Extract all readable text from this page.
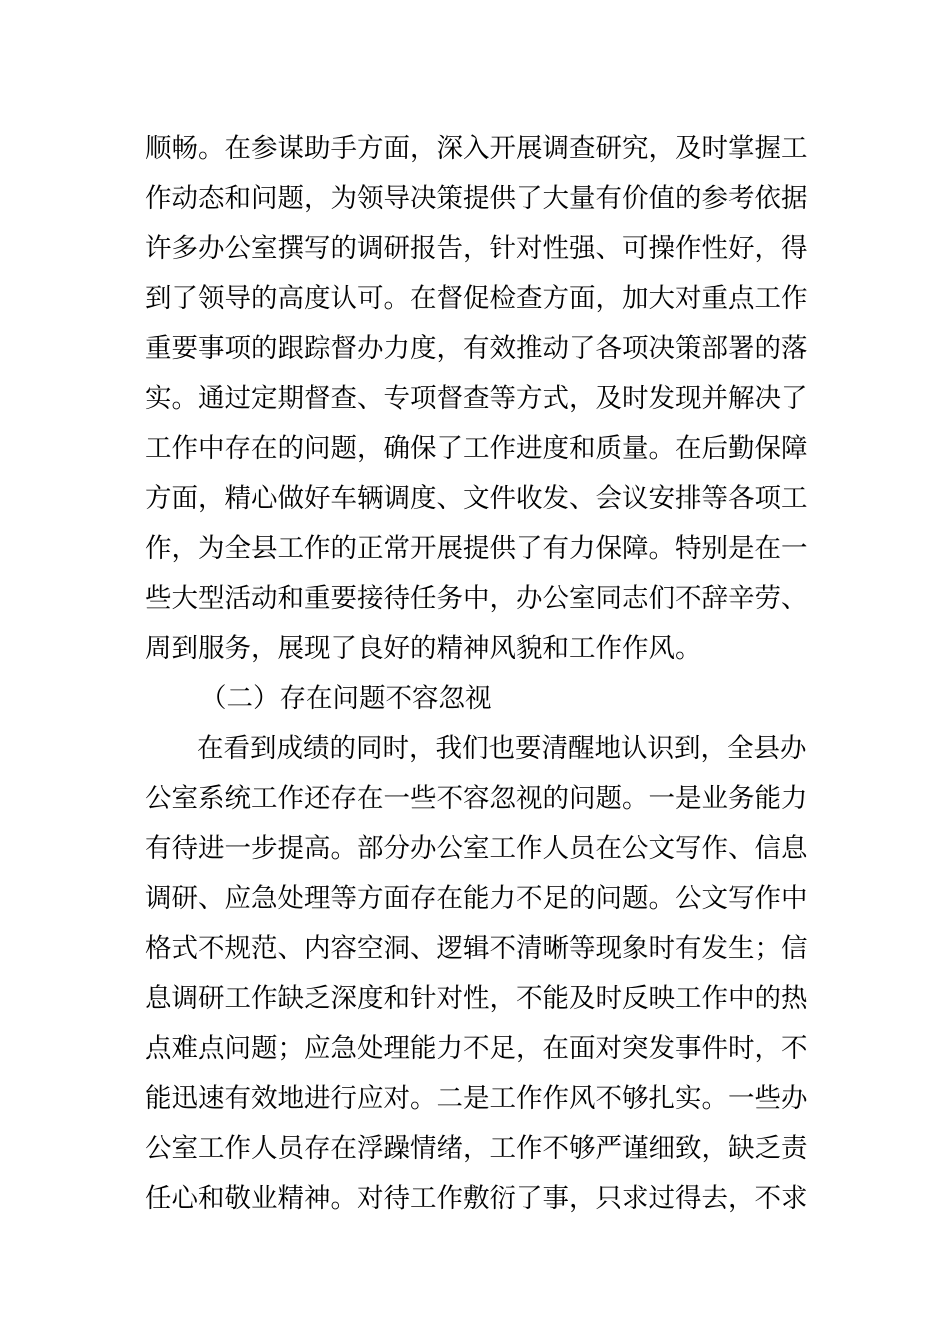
顺畅。在参谋助手方面，深入开展调查研究，及时掌握工
作动态和问题，为领导决策提供了大量有价值的参考依据
许多办公室撰写的调研报告，针对性强、可操作性好，得
到了领导的高度认可。在督促检查方面，加大对重点工作
重要事项的跟踪督办力度，有效推动了各项决策部署的落
实。通过定期督查、专项督查等方式，及时发现并解决了
工作中存在的问题，确保了工作进度和质量。在后勤保障
方面，精心做好车辆调度、文件收发、会议安排等各项工
作，为全县工作的正常开展提供了有力保障。特别是在一
些大型活动和重要接待任务中，办公室同志们不辞辛劳、
周到服务，展现了良好的精神风貌和工作作风。
（二）存在问题不容忽视
在看到成绩的同时，我们也要清醒地认识到，全县办
公室系统工作还存在一些不容忽视的问题。一是业务能力
有待进一步提高。部分办公室工作人员在公文写作、信息
调研、应急处理等方面存在能力不足的问题。公文写作中
格式不规范、内容空洞、逻辑不清晰等现象时有发生；信
息调研工作缺乏深度和针对性，不能及时反映工作中的热
点难点问题；应急处理能力不足，在面对突发事件时，不
能迅速有效地进行应对。二是工作作风不够扎实。一些办
公室工作人员存在浮躁情绪，工作不够严谨细致，缺乏责
任心和敬业精神。对待工作敷衍了事，只求过得去，不求
